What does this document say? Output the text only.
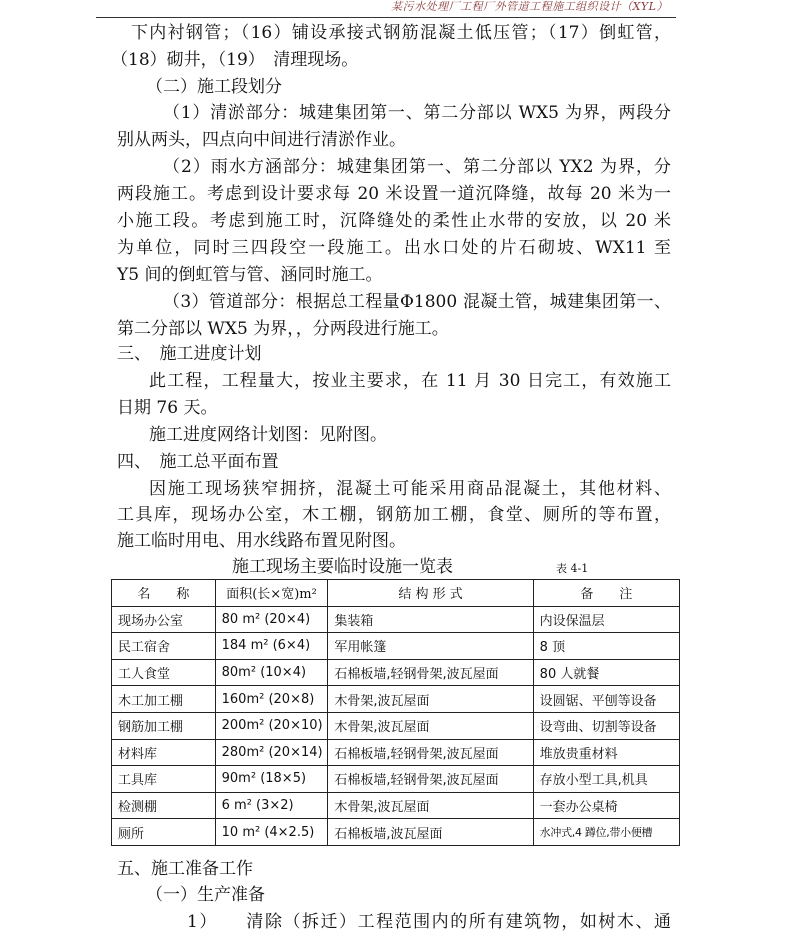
某污水处理厂工程厂外管道工程施工组织设计（XYL）
下内衬钢管；（16）铺设承接式钢筋混凝土低压管；（17）倒虹管，
（18）砌井，（19）　清理现场。
（二）施工段划分
（1）清淤部分：城建集团第一、第二分部以 WX5 为界，两段分
别从两头，四点向中间进行清淤作业。
（2）雨水方涵部分：城建集团第一、第二分部以 YX2 为界，分
两段施工。考虑到设计要求每 20 米设置一道沉降缝，故每 20 米为一
小施工段。考虑到施工时，沉降缝处的柔性止水带的安放，以 20 米
为单位，同时三四段空一段施工。出水口处的片石砌坡、WX11 至
Y5 间的倒虹管与管、涵同时施工。
（3）管道部分：根据总工程量Φ1800 混凝土管，城建集团第一、
第二分部以 WX5 为界，，分两段进行施工。
三、　施工进度计划
此工程，工程量大，按业主要求，在 11 月 30 日完工，有效施工
日期 76 天。
施工进度网络计划图：见附图。
四、　施工总平面布置
因施工现场狭窄拥挤，混凝土可能采用商品混凝土，其他材料、
工具库，现场办公室，木工棚，钢筋加工棚，食堂、厕所的等布置，
施工临时用电、用水线路布置见附图。
施工现场主要临时设施一览表	表 4-1
名　　称	面积(长×宽)m²	结 构 形 式	备　　注
现场办公室	80 m² (20×4)	集装箱	内设保温层
民工宿舍	184 m² (6×4)	军用帐篷	8 顶
工人食堂	80m² (10×4)	石棉板墙,轻钢骨架,波瓦屋面	80 人就餐
木工加工棚	160m² (20×8)	木骨架,波瓦屋面	设圆锯、平刨等设备
钢筋加工棚	200m² (20×10)	木骨架,波瓦屋面	设弯曲、切割等设备
材料库	280m² (20×14)	石棉板墙,轻钢骨架,波瓦屋面	堆放贵重材料
工具库	90m² (18×5)	石棉板墙,轻钢骨架,波瓦屋面	存放小型工具,机具
检测棚	6 m² (3×2)	木骨架,波瓦屋面	一套办公桌椅
厕所	10 m² (4×2.5)	石棉板墙,波瓦屋面	水冲式,4 蹲位,带小便槽
五、施工准备工作
（一）生产准备
1）　　清除（拆迁）工程范围内的所有建筑物，如树木、通
